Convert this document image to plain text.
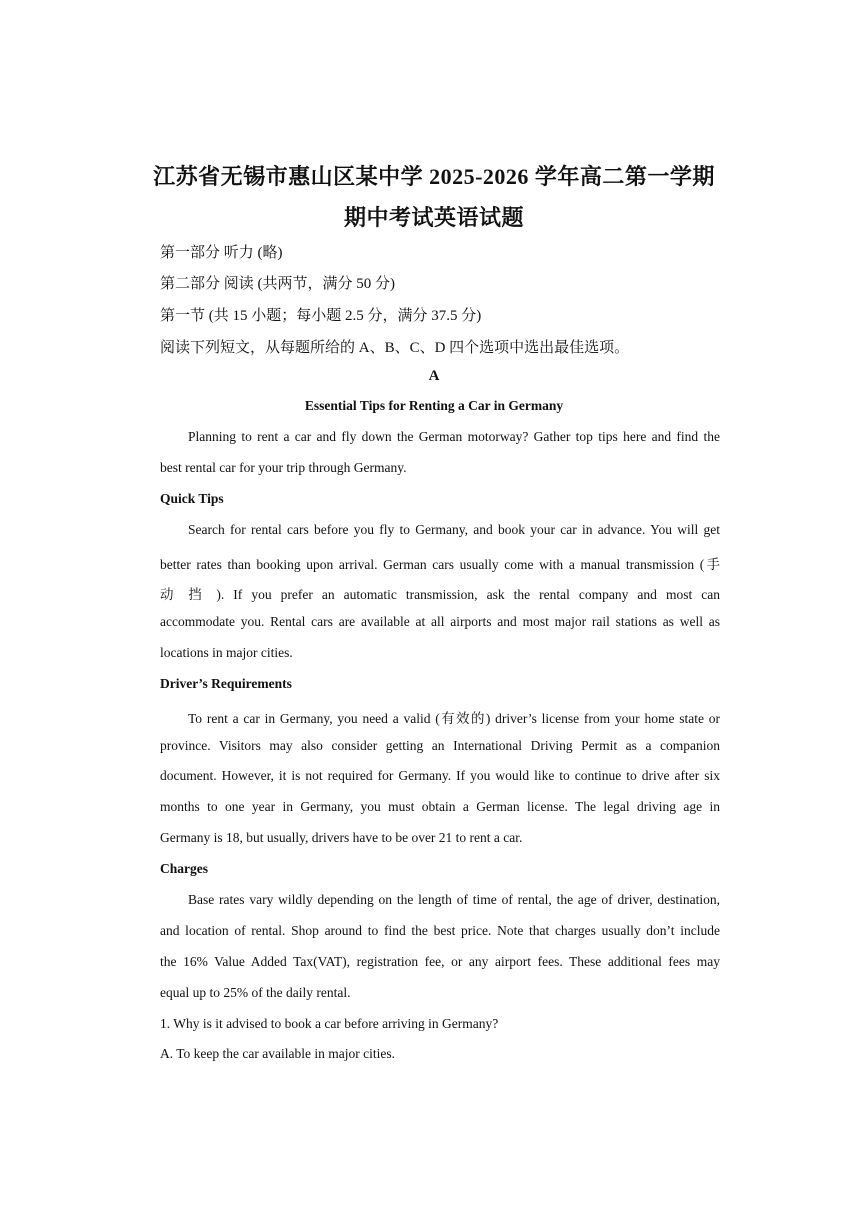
江苏省无锡市惠山区某中学 2025-2026 学年高二第一学期
期中考试英语试题
第一部分 听力 (略)
第二部分 阅读 (共两节，满分 50 分)
第一节 (共 15 小题；每小题 2.5 分，满分 37.5 分)
阅读下列短文，从每题所给的 A、B、C、D 四个选项中选出最佳选项。
A
Essential Tips for Renting a Car in Germany
Planning to rent a car and fly down the German motorway? Gather top tips here and find the
best rental car for your trip through Germany.
Quick Tips
Search for rental cars before you fly to Germany, and book your car in advance. You will get
better rates than booking upon arrival. German cars usually come with a manual transmission (手
动 挡 ). If you prefer an automatic transmission, ask the rental company and most can
accommodate you. Rental cars are available at all airports and most major rail stations as well as
locations in major cities.
Driver’s Requirements
To rent a car in Germany, you need a valid (有效的) driver’s license from your home state or
province. Visitors may also consider getting an International Driving Permit as a companion
document. However, it is not required for Germany. If you would like to continue to drive after six
months to one year in Germany, you must obtain a German license. The legal driving age in
Germany is 18, but usually, drivers have to be over 21 to rent a car.
Charges
Base rates vary wildly depending on the length of time of rental, the age of driver, destination,
and location of rental. Shop around to find the best price. Note that charges usually don’t include
the 16% Value Added Tax(VAT), registration fee, or any airport fees. These additional fees may
equal up to 25% of the daily rental.
1. Why is it advised to book a car before arriving in Germany?
A. To keep the car available in major cities.
